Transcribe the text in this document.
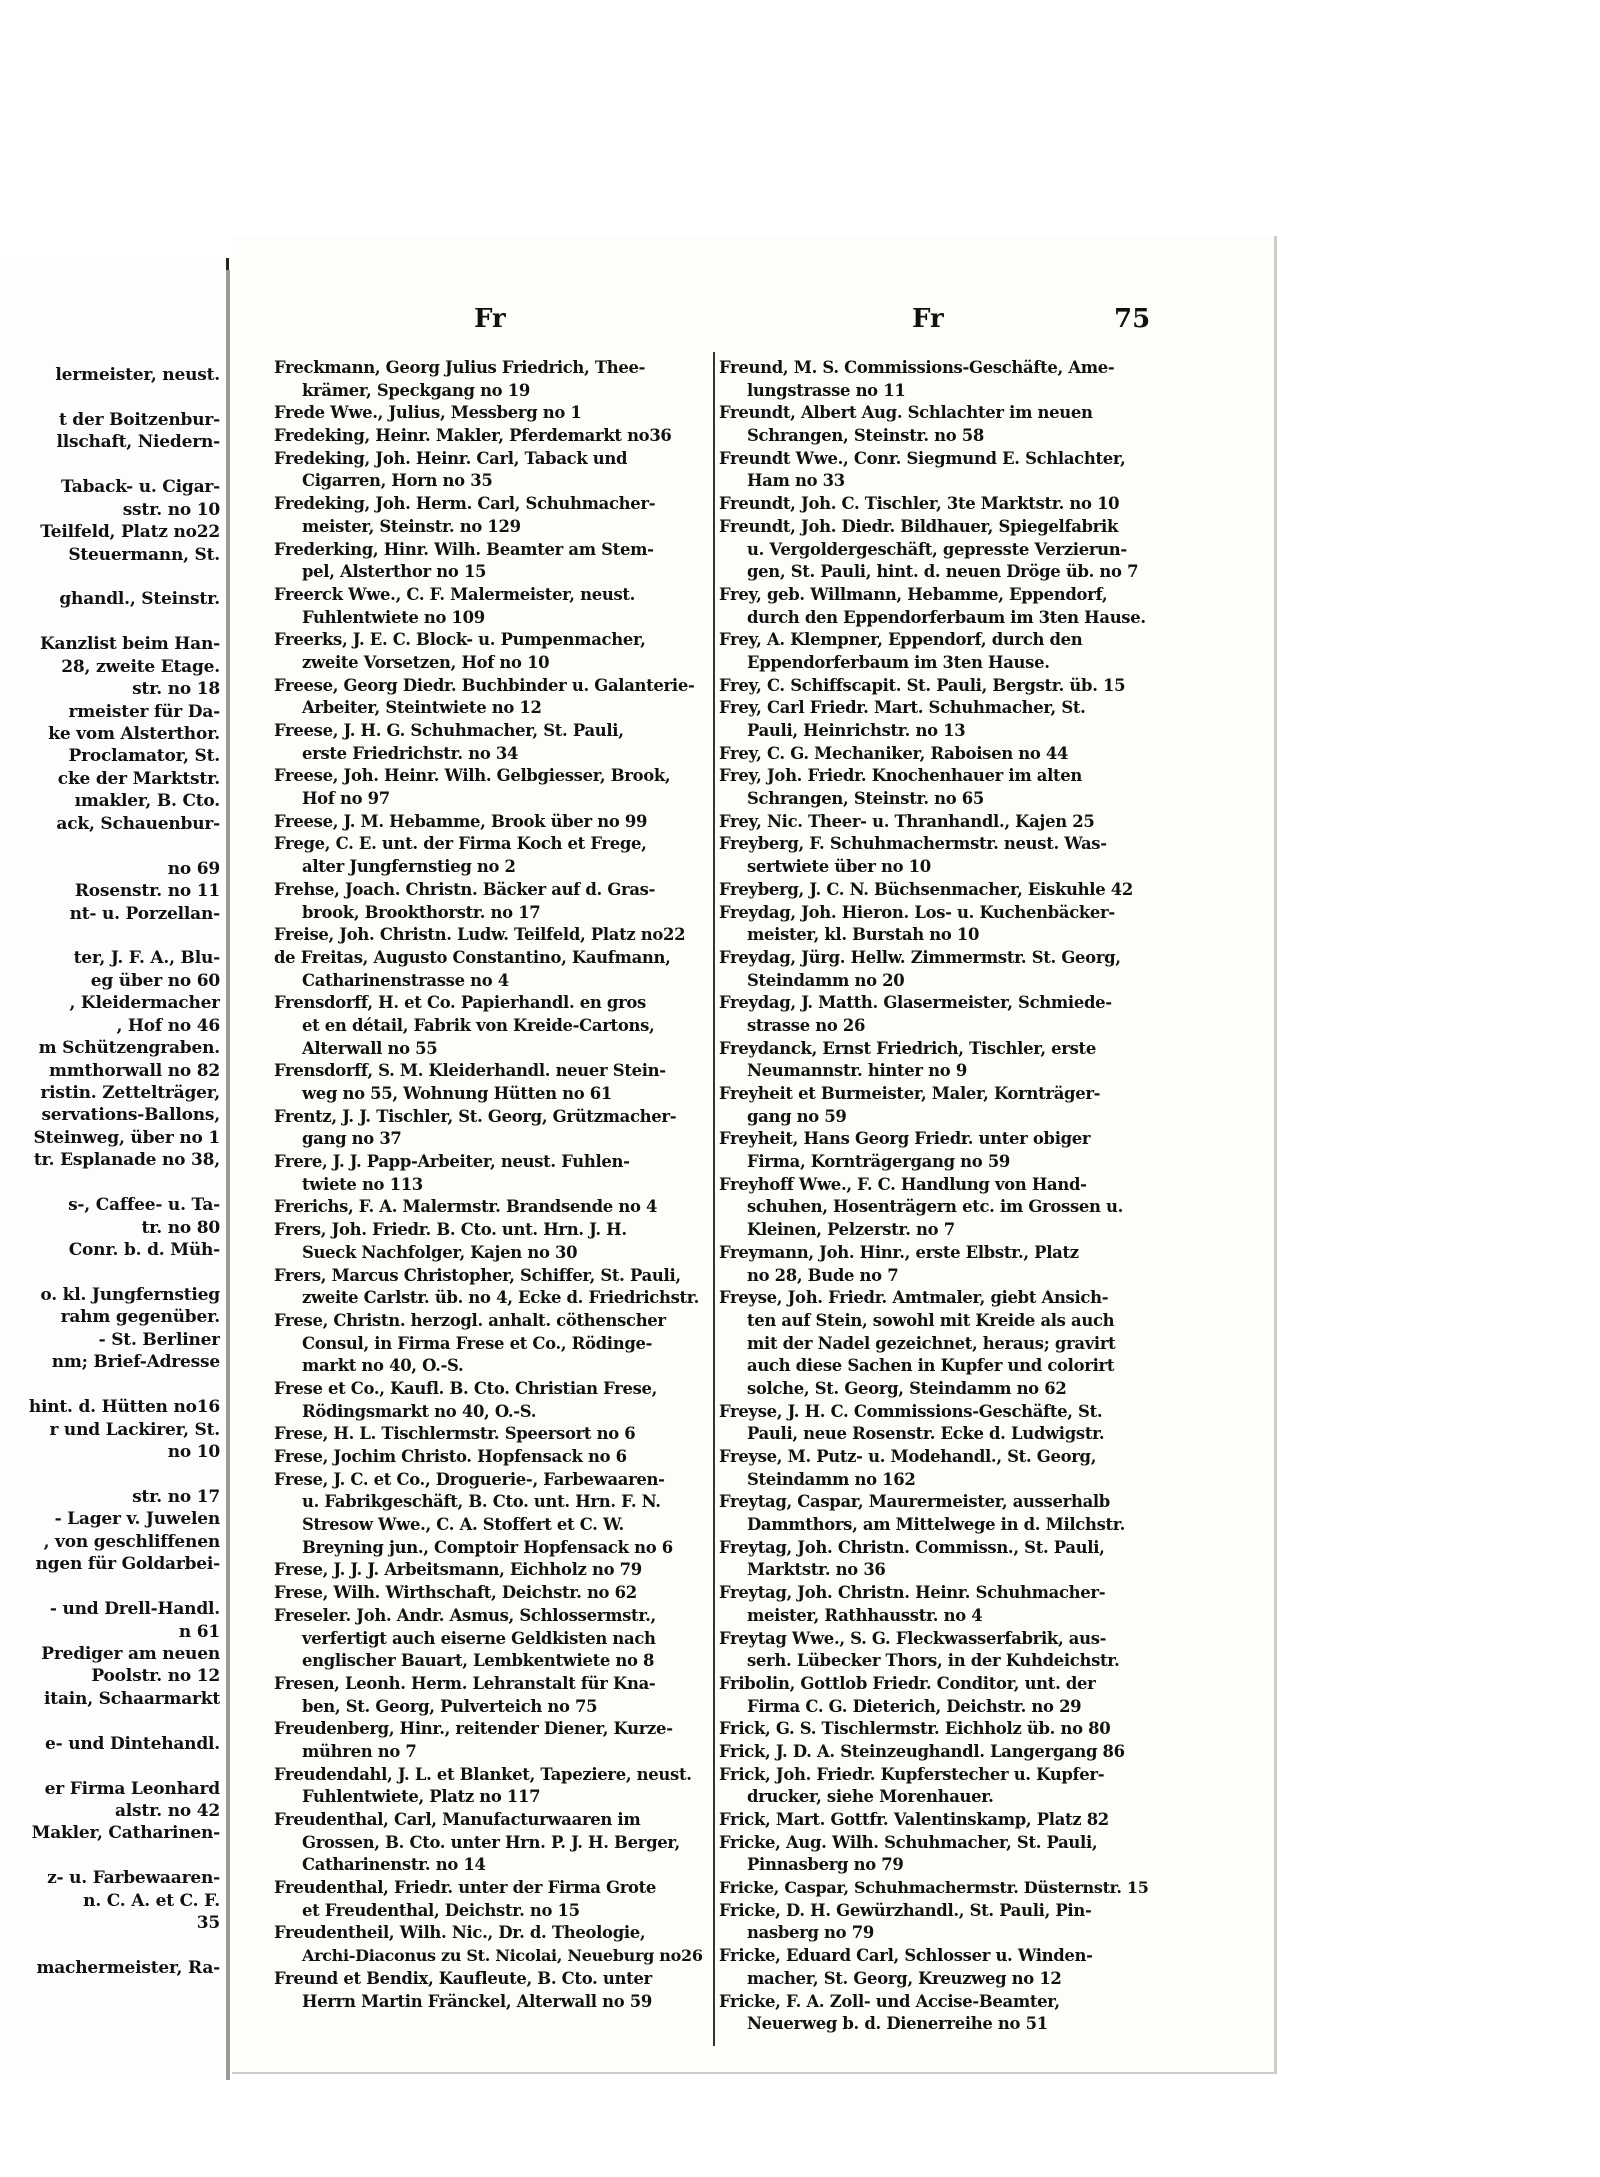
lermeister, neust.

t der Boitzenbur-
llschaft, Niedern-

Taback- u. Cigar-
sstr. no 10
Teilfeld, Platz no22
Steuermann, St.

ghandl., Steinstr.

Kanzlist beim Han-
28, zweite Etage.
str. no 18
rmeister für Da-
ke vom Alsterthor.
Proclamator, St.
cke der Marktstr.
ımakler, B. Cto.
ack, Schauenbur-

no 69
Rosenstr. no 11
nt- u. Porzellan-

ter, J. F. A., Blu-
eg über no 60
, Kleidermacher
, Hof no 46
m Schützengraben.
mmthorwall no 82
ristin. Zettelträger,
servations-Ballons,
Steinweg, über no 1
tr. Esplanade no 38,

s-, Caffee- u. Ta-
tr. no 80
Conr. b. d. Müh-

o. kl. Jungfernstieg
rahm gegenüber.
- St. Berliner
nm; Brief-Adresse

hint. d. Hütten no16
r und Lackirer, St.
no 10

str. no 17
- Lager v. Juwelen
, von geschliffenen
ngen für Goldarbei-

- und Drell-Handl.
n 61
Prediger am neuen
Poolstr. no 12
itain, Schaarmarkt

e- und Dintehandl.

er Firma Leonhard
alstr. no 42
Makler, Catharinen-

z- u. Farbewaaren-
n. C. A. et C. F.
35

machermeister, Ra-
Fr	Fr	75
Freckmann, Georg Julius Friedrich, Thee-
krämer, Speckgang no 19
Frede Wwe., Julius, Messberg no 1
Fredeking, Heinr. Makler, Pferdemarkt no36
Fredeking, Joh. Heinr. Carl, Taback und
Cigarren, Horn no 35
Fredeking, Joh. Herm. Carl, Schuhmacher-
meister, Steinstr. no 129
Frederking, Hinr. Wilh. Beamter am Stem-
pel, Alsterthor no 15
Freerck Wwe., C. F. Malermeister, neust.
Fuhlentwiete no 109
Freerks, J. E. C. Block- u. Pumpenmacher,
zweite Vorsetzen, Hof no 10
Freese, Georg Diedr. Buchbinder u. Galanterie-
Arbeiter, Steintwiete no 12
Freese, J. H. G. Schuhmacher, St. Pauli,
erste Friedrichstr. no 34
Freese, Joh. Heinr. Wilh. Gelbgiesser, Brook,
Hof no 97
Freese, J. M. Hebamme, Brook über no 99
Frege, C. E. unt. der Firma Koch et Frege,
alter Jungfernstieg no 2
Frehse, Joach. Christn. Bäcker auf d. Gras-
brook, Brookthorstr. no 17
Freise, Joh. Christn. Ludw. Teilfeld, Platz no22
de Freitas, Augusto Constantino, Kaufmann,
Catharinenstrasse no 4
Frensdorff, H. et Co. Papierhandl. en gros
et en détail, Fabrik von Kreide-Cartons,
Alterwall no 55
Frensdorff, S. M. Kleiderhandl. neuer Stein-
weg no 55, Wohnung Hütten no 61
Frentz, J. J. Tischler, St. Georg, Grützmacher-
gang no 37
Frere, J. J. Papp-Arbeiter, neust. Fuhlen-
twiete no 113
Frerichs, F. A. Malermstr. Brandsende no 4
Frers, Joh. Friedr. B. Cto. unt. Hrn. J. H.
Sueck Nachfolger, Kajen no 30
Frers, Marcus Christopher, Schiffer, St. Pauli,
zweite Carlstr. üb. no 4, Ecke d. Friedrichstr.
Frese, Christn. herzogl. anhalt. cöthenscher
Consul, in Firma Frese et Co., Rödinge-
markt no 40, O.-S.
Frese et Co., Kaufl. B. Cto. Christian Frese,
Rödingsmarkt no 40, O.-S.
Frese, H. L. Tischlermstr. Speersort no 6
Frese, Jochim Christo. Hopfensack no 6
Frese, J. C. et Co., Droguerie-, Farbewaaren-
u. Fabrikgeschäft, B. Cto. unt. Hrn. F. N.
Stresow Wwe., C. A. Stoffert et C. W.
Breyning jun., Comptoir Hopfensack no 6
Frese, J. J. J. Arbeitsmann, Eichholz no 79
Frese, Wilh. Wirthschaft, Deichstr. no 62
Freseler. Joh. Andr. Asmus, Schlossermstr.,
verfertigt auch eiserne Geldkisten nach
englischer Bauart, Lembkentwiete no 8
Fresen, Leonh. Herm. Lehranstalt für Kna-
ben, St. Georg, Pulverteich no 75
Freudenberg, Hinr., reitender Diener, Kurze-
mühren no 7
Freudendahl, J. L. et Blanket, Tapeziere, neust.
Fuhlentwiete, Platz no 117
Freudenthal, Carl, Manufacturwaaren im
Grossen, B. Cto. unter Hrn. P. J. H. Berger,
Catharinenstr. no 14
Freudenthal, Friedr. unter der Firma Grote
et Freudenthal, Deichstr. no 15
Freudentheil, Wilh. Nic., Dr. d. Theologie,
Archi-Diaconus zu St. Nicolai, Neueburg no26
Freund et Bendix, Kaufleute, B. Cto. unter
Herrn Martin Fränckel, Alterwall no 59
Freund, M. S. Commissions-Geschäfte, Ame-
lungstrasse no 11
Freundt, Albert Aug. Schlachter im neuen
Schrangen, Steinstr. no 58
Freundt Wwe., Conr. Siegmund E. Schlachter,
Ham no 33
Freundt, Joh. C. Tischler, 3te Marktstr. no 10
Freundt, Joh. Diedr. Bildhauer, Spiegelfabrik
u. Vergoldergeschäft, gepresste Verzierun-
gen, St. Pauli, hint. d. neuen Dröge üb. no 7
Frey, geb. Willmann, Hebamme, Eppendorf,
durch den Eppendorferbaum im 3ten Hause.
Frey, A. Klempner, Eppendorf, durch den
Eppendorferbaum im 3ten Hause.
Frey, C. Schiffscapit. St. Pauli, Bergstr. üb. 15
Frey, Carl Friedr. Mart. Schuhmacher, St.
Pauli, Heinrichstr. no 13
Frey, C. G. Mechaniker, Raboisen no 44
Frey, Joh. Friedr. Knochenhauer im alten
Schrangen, Steinstr. no 65
Frey, Nic. Theer- u. Thranhandl., Kajen 25
Freyberg, F. Schuhmachermstr. neust. Was-
sertwiete über no 10
Freyberg, J. C. N. Büchsenmacher, Eiskuhle 42
Freydag, Joh. Hieron. Los- u. Kuchenbäcker-
meister, kl. Burstah no 10
Freydag, Jürg. Hellw. Zimmermstr. St. Georg,
Steindamm no 20
Freydag, J. Matth. Glasermeister, Schmiede-
strasse no 26
Freydanck, Ernst Friedrich, Tischler, erste
Neumannstr. hinter no 9
Freyheit et Burmeister, Maler, Kornträger-
gang no 59
Freyheit, Hans Georg Friedr. unter obiger
Firma, Kornträgergang no 59
Freyhoff Wwe., F. C. Handlung von Hand-
schuhen, Hosenträgern etc. im Grossen u.
Kleinen, Pelzerstr. no 7
Freymann, Joh. Hinr., erste Elbstr., Platz
no 28, Bude no 7
Freyse, Joh. Friedr. Amtmaler, giebt Ansich-
ten auf Stein, sowohl mit Kreide als auch
mit der Nadel gezeichnet, heraus; gravirt
auch diese Sachen in Kupfer und colorirt
solche, St. Georg, Steindamm no 62
Freyse, J. H. C. Commissions-Geschäfte, St.
Pauli, neue Rosenstr. Ecke d. Ludwigstr.
Freyse, M. Putz- u. Modehandl., St. Georg,
Steindamm no 162
Freytag, Caspar, Maurermeister, ausserhalb
Dammthors, am Mittelwege in d. Milchstr.
Freytag, Joh. Christn. Commissn., St. Pauli,
Marktstr. no 36
Freytag, Joh. Christn. Heinr. Schuhmacher-
meister, Rathhausstr. no 4
Freytag Wwe., S. G. Fleckwasserfabrik, aus-
serh. Lübecker Thors, in der Kuhdeichstr.
Fribolin, Gottlob Friedr. Conditor, unt. der
Firma C. G. Dieterich, Deichstr. no 29
Frick, G. S. Tischlermstr. Eichholz üb. no 80
Frick, J. D. A. Steinzeughandl. Langergang 86
Frick, Joh. Friedr. Kupferstecher u. Kupfer-
drucker, siehe Morenhauer.
Frick, Mart. Gottfr. Valentinskamp, Platz 82
Fricke, Aug. Wilh. Schuhmacher, St. Pauli,
Pinnasberg no 79
Fricke, Caspar, Schuhmachermstr. Düsternstr. 15
Fricke, D. H. Gewürzhandl., St. Pauli, Pin-
nasberg no 79
Fricke, Eduard Carl, Schlosser u. Winden-
macher, St. Georg, Kreuzweg no 12
Fricke, F. A. Zoll- und Accise-Beamter,
Neuerweg b. d. Dienerreihe no 51
